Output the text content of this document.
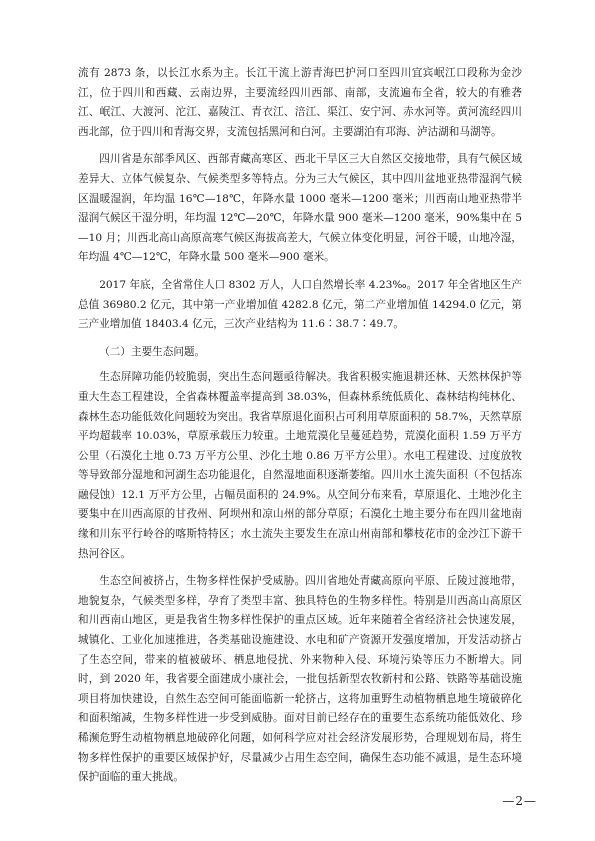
流有 2873 条，以长江水系为主。长江干流上游青海巴护河口至四川宜宾岷江口段称为金沙江，位于四川和西藏、云南边界，主要流经四川西部、南部，支流遍布全省，较大的有雅砻江、岷江、大渡河、沱江、嘉陵江、青衣江、涪江、渠江、安宁河、赤水河等。黄河流经四川西北部，位于四川和青海交界，支流包括黑河和白河。主要湖泊有邛海、泸沽湖和马湖等。

四川省是东部季风区、西部青藏高寒区、西北干旱区三大自然区交接地带，具有气候区域差异大、立体气候复杂、气候类型多等特点。分为三大气候区，其中四川盆地亚热带湿润气候区温暖湿润，年均温 16℃—18℃，年降水量 1000 毫米—1200 毫米；川西南山地亚热带半湿润气候区干湿分明，年均温 12℃—20℃，年降水量 900 毫米—1200 毫米，90%集中在 5—10 月；川西北高山高原高寒气候区海拔高差大，气候立体变化明显，河谷干暖，山地冷湿，年均温 4℃—12℃，年降水量 500 毫米—900 毫米。

2017 年底，全省常住人口 8302 万人，人口自然增长率 4.23‰。2017 年全省地区生产总值 36980.2 亿元，其中第一产业增加值 4282.8 亿元，第二产业增加值 14294.0 亿元，第三产业增加值 18403.4 亿元，三次产业结构为 11.6∶38.7∶49.7。

（二）主要生态问题。

生态屏障功能仍较脆弱，突出生态问题亟待解决。我省积极实施退耕还林、天然林保护等重大生态工程建设，全省森林覆盖率提高到 38.03%，但森林系统低质化、森林结构纯林化、森林生态功能低效化问题较为突出。我省草原退化面积占可利用草原面积的 58.7%，天然草原平均超载率 10.03%，草原承载压力较重。土地荒漠化呈蔓延趋势，荒漠化面积 1.59 万平方公里（石漠化土地 0.73 万平方公里、沙化土地 0.86 万平方公里）。水电工程建设、过度放牧等导致部分湿地和河湖生态功能退化，自然湿地面积逐渐萎缩。四川水土流失面积（不包括冻融侵蚀）12.1 万平方公里，占幅员面积的 24.9%。从空间分布来看，草原退化、土地沙化主要集中在川西高原的甘孜州、阿坝州和凉山州的部分草原；石漠化土地主要分布在四川盆地南缘和川东平行岭谷的喀斯特特区；水土流失主要发生在凉山州南部和攀枝花市的金沙江下游干热河谷区。

生态空间被挤占，生物多样性保护受威胁。四川省地处青藏高原向平原、丘陵过渡地带，地貌复杂，气候类型多样，孕育了类型丰富、独具特色的生物多样性。特别是川西高山高原区和川西南山地区，更是我省生物多样性保护的重点区域。近年来随着全省经济社会快速发展，城镇化、工业化加速推进，各类基础设施建设、水电和矿产资源开发强度增加，开发活动挤占了生态空间，带来的植被破坏、栖息地侵扰、外来物种入侵、环境污染等压力不断增大。同时，到 2020 年，我省要全面建成小康社会，一批包括新型农牧新村和公路、铁路等基础设施项目将加快建设，自然生态空间可能面临新一轮挤占，这将加重野生动植物栖息地生境破碎化和面积缩减，生物多样性进一步受到威胁。面对目前已经存在的重要生态系统功能低效化、珍稀濒危野生动植物栖息地破碎化问题，如何科学应对社会经济发展形势，合理规划布局，将生物多样性保护的重要区域保护好，尽量减少占用生态空间，确保生态功能不减退，是生态环境保护面临的重大挑战。

—2—
